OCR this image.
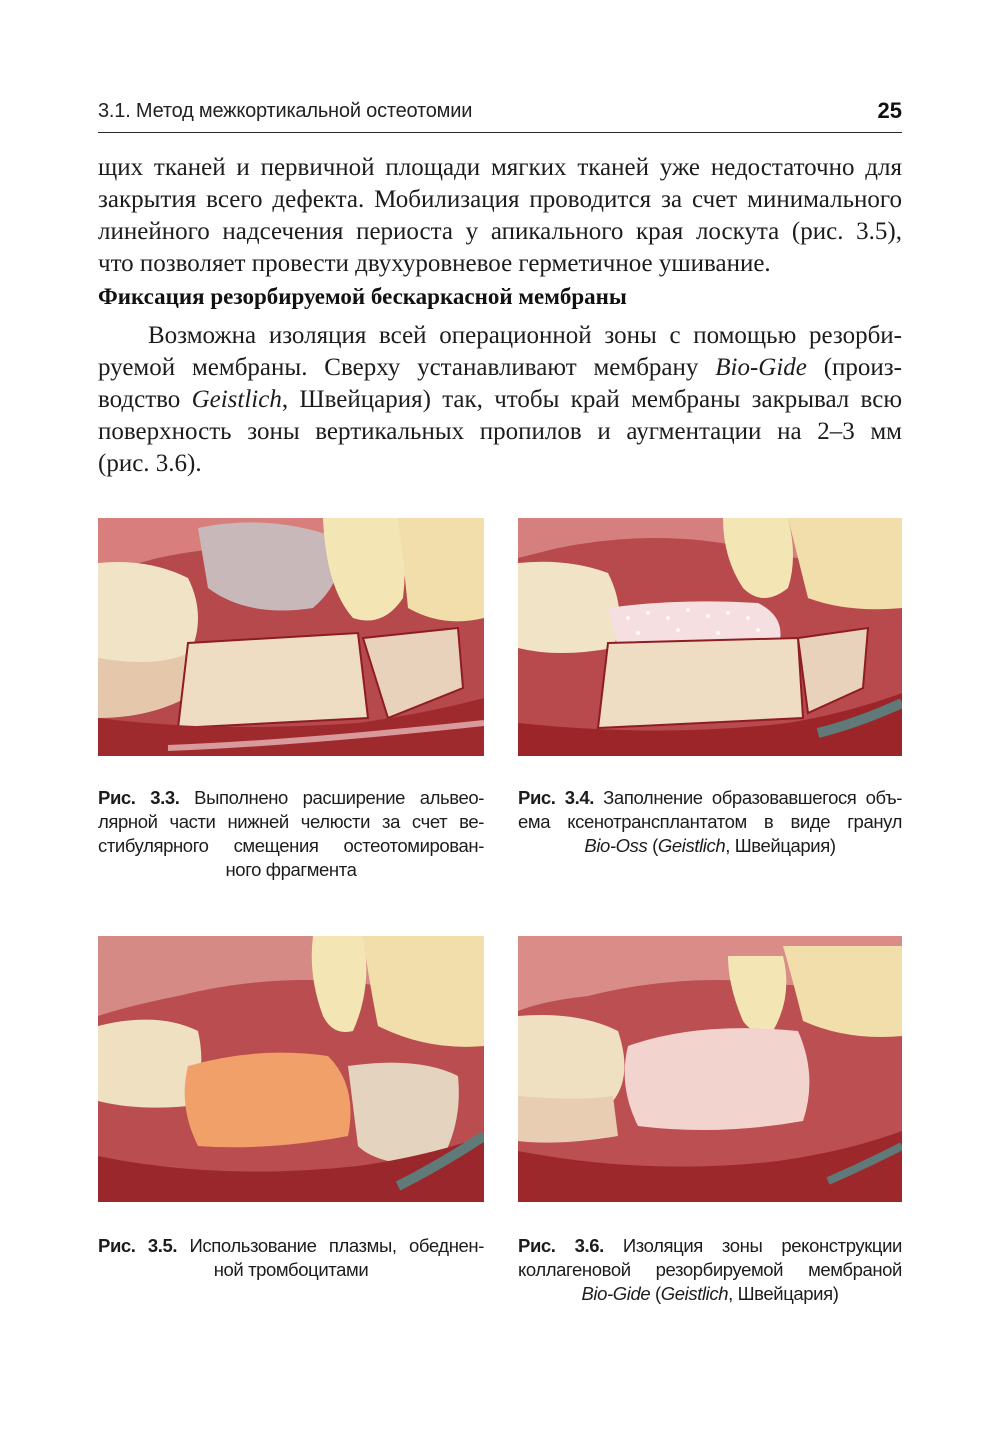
3.1. Метод межкортикальной остеотомии	25
щих тканей и первичной площади мягких тканей уже недостаточно для
закрытия всего дефекта. Мобилизация проводится за счет минимального
линейного надсечения периоста у апикального края лоскута (рис. 3.5),
что позволяет провести двухуровневое герметичное ушивание.
Фиксация резорбируемой бескаркасной мембраны
Возможна изоляция всей операционной зоны с помощью резорби-
руемой мембраны. Сверху устанавливают мембрану Bio-Gide (произ-
водство Geistlich, Швейцария) так, чтобы край мембраны закрывал всю
поверхность зоны вертикальных пропилов и аугментации на 2–3 мм
(рис. 3.6).
Рис. 3.3. Выполнено расширение альвео-
лярной части нижней челюсти за счет ве-
стибулярного смещения остеотомирован-
ного фрагмента
Рис. 3.4. Заполнение образовавшегося объ-
ема ксенотрансплантатом в виде гранул
Bio-Oss (Geistlich, Швейцария)
Рис. 3.5. Использование плазмы, обеднен-
ной тромбоцитами
Рис. 3.6. Изоляция зоны реконструкции
коллагеновой резорбируемой мембраной
Bio-Gide (Geistlich, Швейцария)
